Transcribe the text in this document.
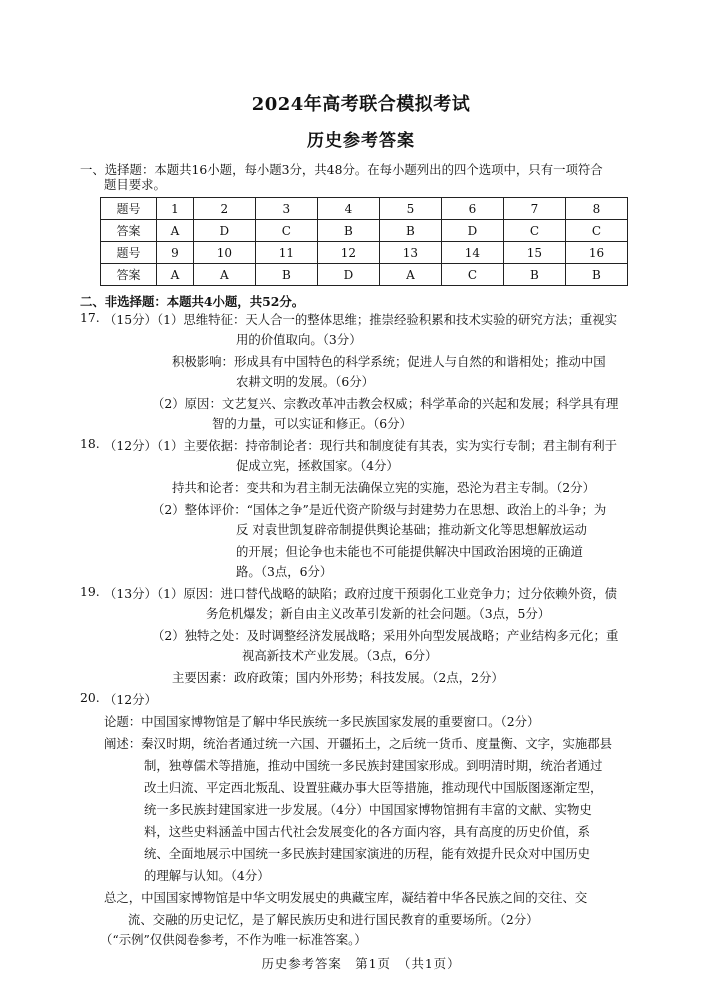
2024年高考联合模拟考试
历史参考答案
一、选择题：本题共16小题，每小题3分，共48分。在每小题列出的四个选项中，只有一项符合
题目要求。
题号	1	2	3	4	5	6	7	8
答案	A	D	C	B	B	D	C	C
题号	9	10	11	12	13	14	15	16
答案	A	A	B	D	A	C	B	B
二、非选择题：本题共4小题，共52分。
17. （15分）（1）思维特征：天人合一的整体思维；推崇经验积累和技术实验的研究方法；重视实
用的价值取向。（3分）
积极影响：形成具有中国特色的科学系统；促进人与自然的和谐相处；推动中国
农耕文明的发展。（6分）
（2）原因：文艺复兴、宗教改革冲击教会权威；科学革命的兴起和发展；科学具有理
智的力量，可以实证和修正。（6分）
18. （12分）（1）主要依据：持帝制论者：现行共和制度徒有其表，实为实行专制；君主制有利于
促成立宪，拯救国家。（4分）
持共和论者：变共和为君主制无法确保立宪的实施，恐沦为君主专制。（2分）
（2）整体评价：“国体之争”是近代资产阶级与封建势力在思想、政治上的斗争；为
反 对袁世凯复辟帝制提供舆论基础；推动新文化等思想解放运动
的开展；但论争也未能也不可能提供解决中国政治困境的正确道
路。（3点，6分）
19. （13分）（1）原因：进口替代战略的缺陷；政府过度干预弱化工业竞争力；过分依赖外资，债
务危机爆发；新自由主义改革引发新的社会问题。（3点，5分）
（2）独特之处：及时调整经济发展战略；采用外向型发展战略；产业结构多元化；重
视高新技术产业发展。（3点，6分）
主要因素：政府政策；国内外形势；科技发展。（2点，2分）
20. （12分）
论题：中国国家博物馆是了解中华民族统一多民族国家发展的重要窗口。（2分）
阐述：秦汉时期，统治者通过统一六国、开疆拓土，之后统一货币、度量衡、文字，实施郡县
制，独尊儒术等措施，推动中国统一多民族封建国家形成。到明清时期，统治者通过
改土归流、平定西北叛乱、设置驻藏办事大臣等措施，推动现代中国版图逐渐定型，
统一多民族封建国家进一步发展。（4分）中国国家博物馆拥有丰富的文献、实物史
料，这些史料涵盖中国古代社会发展变化的各方面内容，具有高度的历史价值，系
统、全面地展示中国统一多民族封建国家演进的历程，能有效提升民众对中国历史
的理解与认知。（4分）
总之，中国国家博物馆是中华文明发展史的典藏宝库，凝结着中华各民族之间的交往、交
流、交融的历史记忆，是了解民族历史和进行国民教育的重要场所。（2分）
（“示例”仅供阅卷参考，不作为唯一标准答案。）
历史参考答案　第1页　（共1页）
